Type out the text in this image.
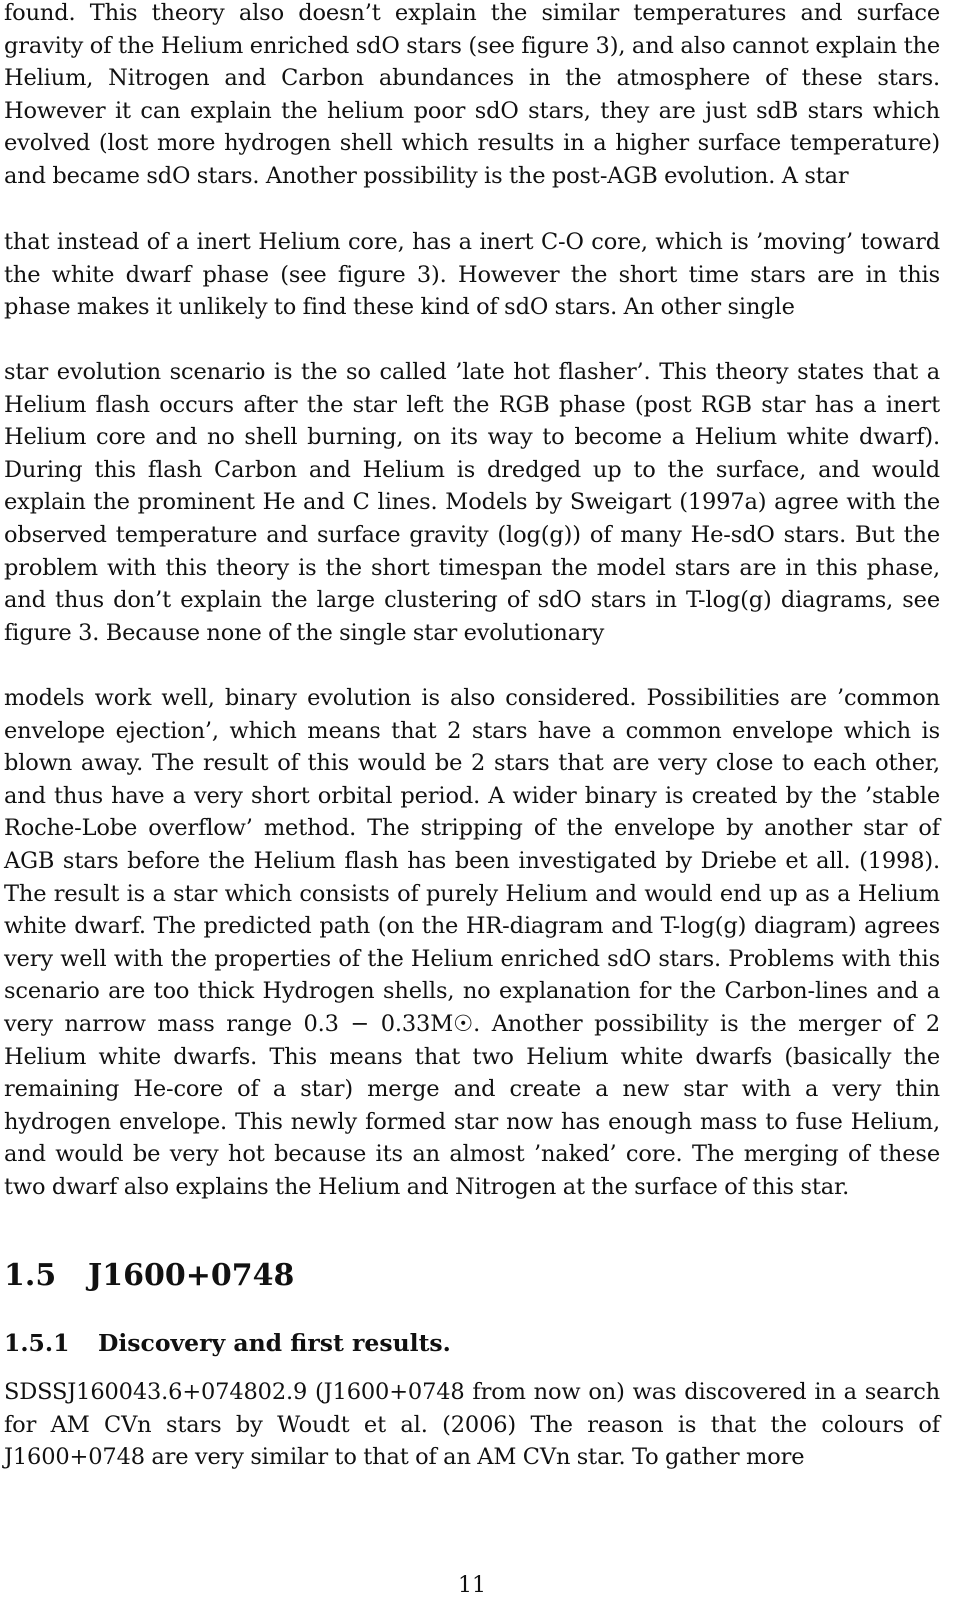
found. This theory also doesn’t explain the similar temperatures and surface gravity of the Helium enriched sdO stars (see figure 3), and also cannot explain the Helium, Nitrogen and Carbon abundances in the atmosphere of these stars. However it can explain the helium poor sdO stars, they are just sdB stars which evolved (lost more hydrogen shell which results in a higher surface temperature) and became sdO stars. Another possibility is the post-AGB evolution. A star

that instead of a inert Helium core, has a inert C-O core, which is ’moving’ toward the white dwarf phase (see figure 3). However the short time stars are in this phase makes it unlikely to find these kind of sdO stars. An other single

star evolution scenario is the so called ’late hot flasher’. This theory states that a Helium flash occurs after the star left the RGB phase (post RGB star has a inert Helium core and no shell burning, on its way to become a Helium white dwarf). During this flash Carbon and Helium is dredged up to the surface, and would explain the prominent He and C lines. Models by Sweigart (1997a) agree with the observed temperature and surface gravity (log(g)) of many He-sdO stars. But the problem with this theory is the short timespan the model stars are in this phase, and thus don’t explain the large clustering of sdO stars in T-log(g) diagrams, see figure 3. Because none of the single star evolutionary

models work well, binary evolution is also considered. Possibilities are ’common envelope ejection’, which means that 2 stars have a common envelope which is blown away. The result of this would be 2 stars that are very close to each other, and thus have a very short orbital period. A wider binary is created by the ’stable Roche-Lobe overflow’ method. The stripping of the envelope by another star of AGB stars before the Helium flash has been investigated by Driebe et all. (1998). The result is a star which consists of purely Helium and would end up as a Helium white dwarf. The predicted path (on the HR-diagram and T-log(g) diagram) agrees very well with the properties of the Helium enriched sdO stars. Problems with this scenario are too thick Hydrogen shells, no explanation for the Carbon-lines and a very narrow mass range 0.3 − 0.33M☉. Another possibility is the merger of 2 Helium white dwarfs. This means that two Helium white dwarfs (basically the remaining He-core of a star) merge and create a new star with a very thin hydrogen envelope. This newly formed star now has enough mass to fuse Helium, and would be very hot because its an almost ’naked’ core. The merging of these two dwarf also explains the Helium and Nitrogen at the surface of this star.

1.5 J1600+0748
1.5.1 Discovery and first results.

SDSSJ160043.6+074802.9 (J1600+0748 from now on) was discovered in a search for AM CVn stars by Woudt et al. (2006) The reason is that the colours of J1600+0748 are very similar to that of an AM CVn star. To gather more

11
